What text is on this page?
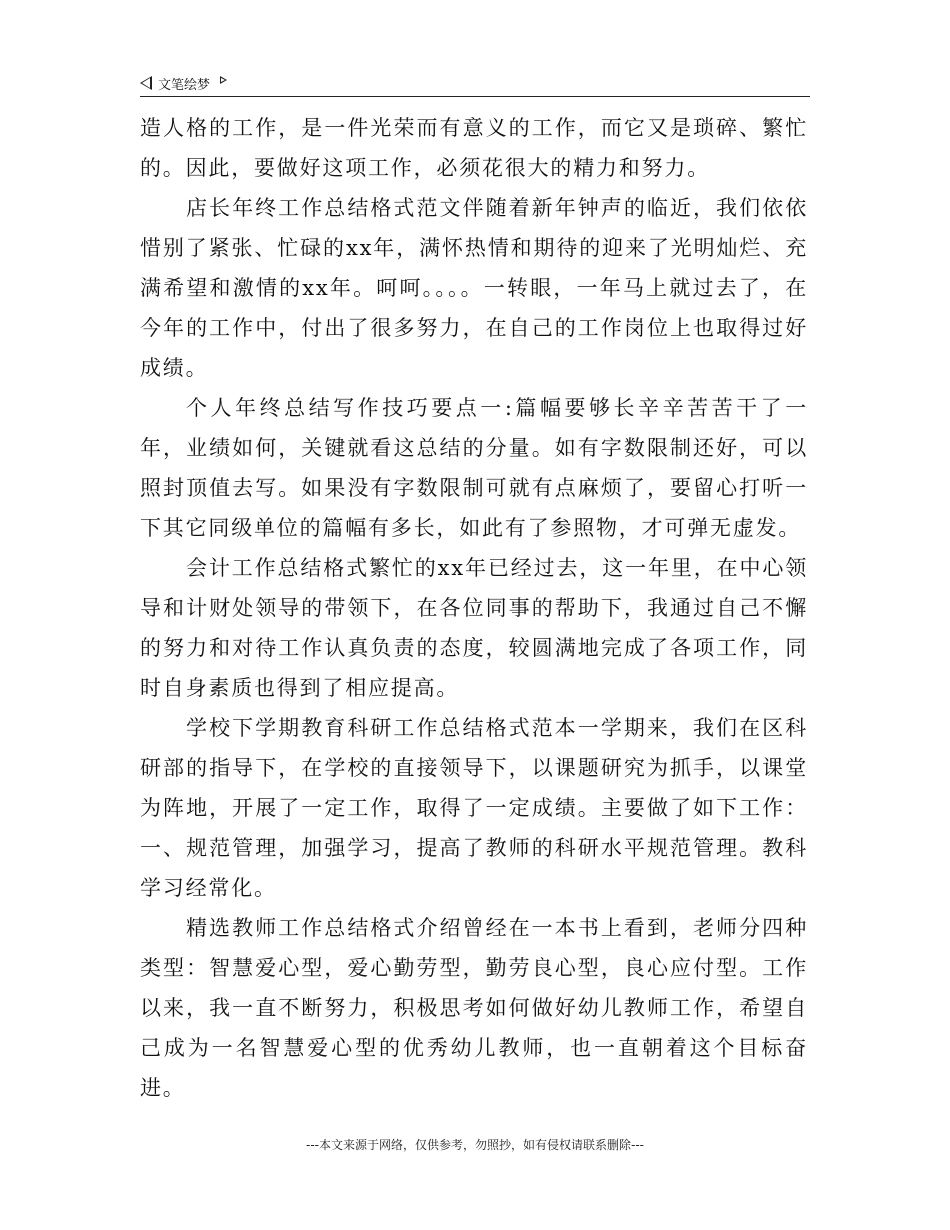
文笔绘梦

造人格的工作，是一件光荣而有意义的工作，而它又是琐碎、繁忙的。因此，要做好这项工作，必须花很大的精力和努力。

店长年终工作总结格式范文伴随着新年钟声的临近，我们依依惜别了紧张、忙碌的xx年，满怀热情和期待的迎来了光明灿烂、充满希望和激情的xx年。呵呵。。。。一转眼，一年马上就过去了，在今年的工作中，付出了很多努力，在自己的工作岗位上也取得过好成绩。

个人年终总结写作技巧要点一:篇幅要够长辛辛苦苦干了一年，业绩如何，关键就看这总结的分量。如有字数限制还好，可以照封顶值去写。如果没有字数限制可就有点麻烦了，要留心打听一下其它同级单位的篇幅有多长，如此有了参照物，才可弹无虚发。

会计工作总结格式繁忙的xx年已经过去，这一年里，在中心领导和计财处领导的带领下，在各位同事的帮助下，我通过自己不懈的努力和对待工作认真负责的态度，较圆满地完成了各项工作，同时自身素质也得到了相应提高。

学校下学期教育科研工作总结格式范本一学期来，我们在区科研部的指导下，在学校的直接领导下，以课题研究为抓手，以课堂为阵地，开展了一定工作，取得了一定成绩。主要做了如下工作：一、规范管理，加强学习，提高了教师的科研水平规范管理。教科学习经常化。

精选教师工作总结格式介绍曾经在一本书上看到，老师分四种类型：智慧爱心型，爱心勤劳型，勤劳良心型，良心应付型。工作以来，我一直不断努力，积极思考如何做好幼儿教师工作，希望自己成为一名智慧爱心型的优秀幼儿教师，也一直朝着这个目标奋进。

---本文来源于网络，仅供参考，勿照抄，如有侵权请联系删除---
